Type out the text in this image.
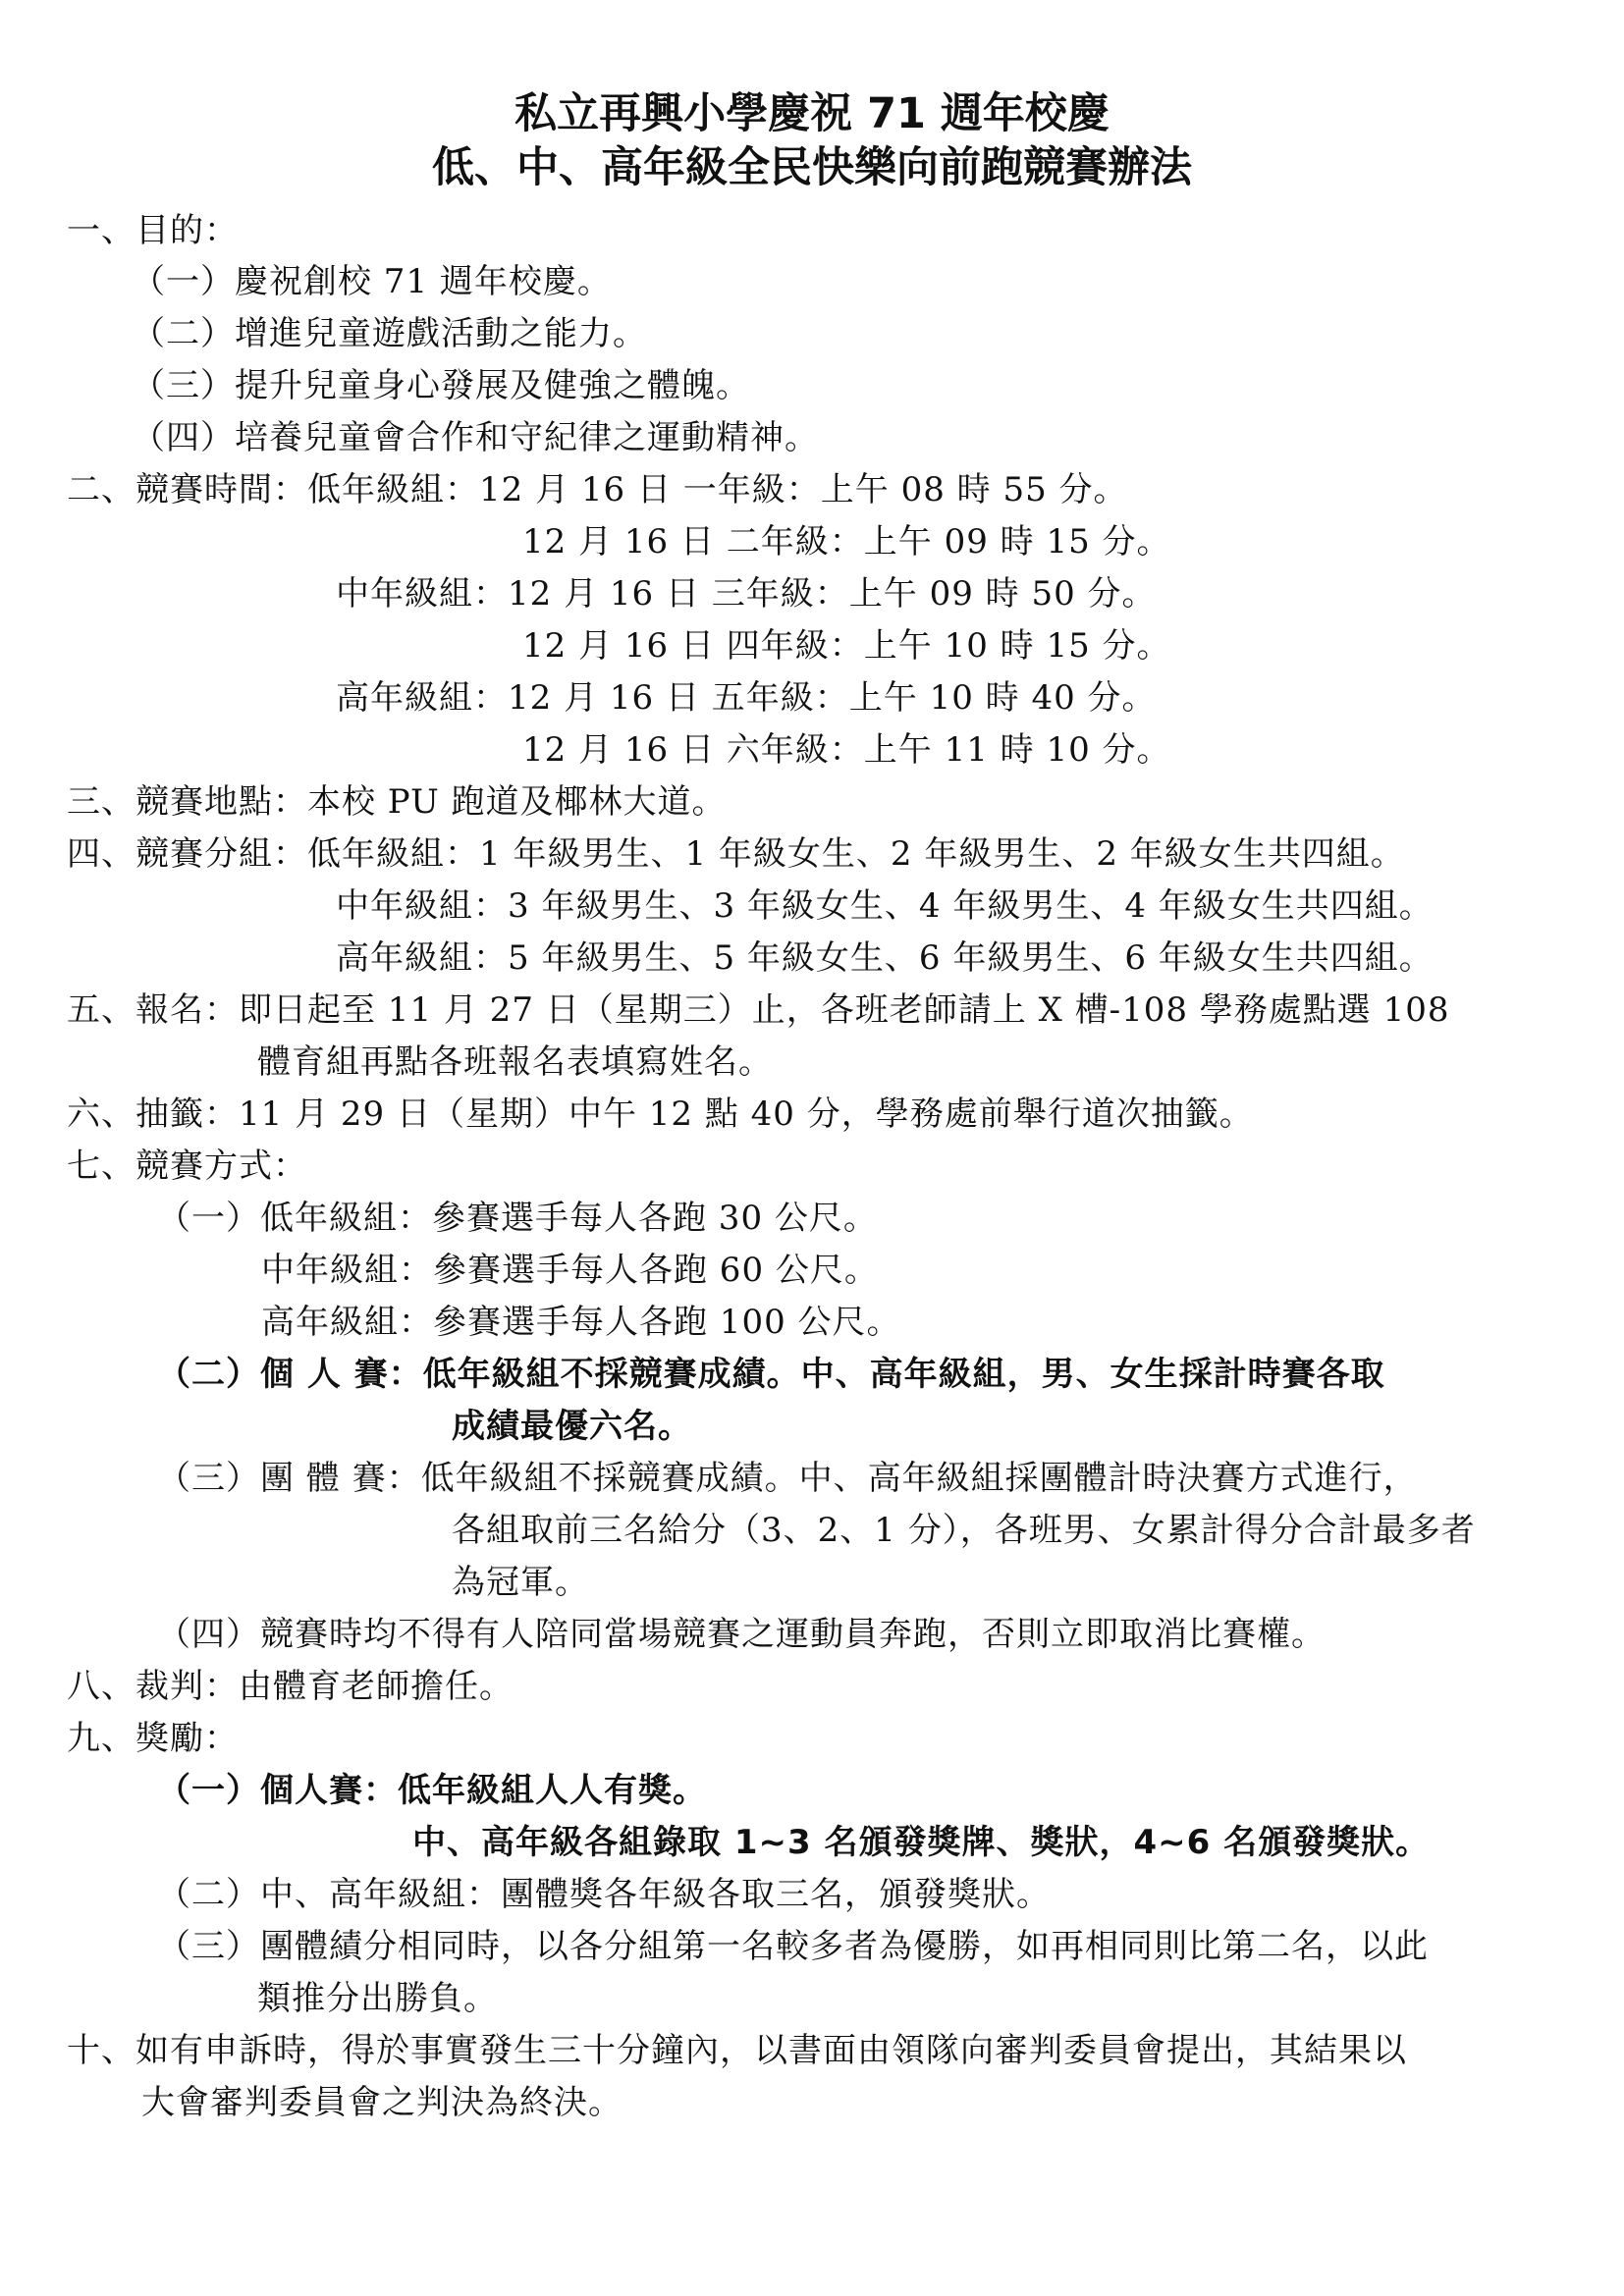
私立再興小學慶祝 71 週年校慶
低、中、高年級全民快樂向前跑競賽辦法
一、目的：
（一）慶祝創校 71 週年校慶。
（二）增進兒童遊戲活動之能力。
（三）提升兒童身心發展及健強之體魄。
（四）培養兒童會合作和守紀律之運動精神。
二、競賽時間：低年級組：12 月 16 日 一年級：上午 08 時 55 分。
12 月 16 日 二年級：上午 09 時 15 分。
中年級組：12 月 16 日 三年級：上午 09 時 50 分。
12 月 16 日 四年級：上午 10 時 15 分。
高年級組：12 月 16 日 五年級：上午 10 時 40 分。
12 月 16 日 六年級：上午 11 時 10 分。
三、競賽地點：本校 PU 跑道及椰林大道。
四、競賽分組：低年級組：1 年級男生、1 年級女生、2 年級男生、2 年級女生共四組。
中年級組：3 年級男生、3 年級女生、4 年級男生、4 年級女生共四組。
高年級組：5 年級男生、5 年級女生、6 年級男生、6 年級女生共四組。
五、報名：即日起至 11 月 27 日（星期三）止，各班老師請上 X 槽-108 學務處點選 108
體育組再點各班報名表填寫姓名。
六、抽籤：11 月 29 日（星期）中午 12 點 40 分，學務處前舉行道次抽籤。
七、競賽方式：
（一）低年級組：參賽選手每人各跑 30 公尺。
中年級組：參賽選手每人各跑 60 公尺。
高年級組：參賽選手每人各跑 100 公尺。
（二）個 人 賽：低年級組不採競賽成績。中、高年級組，男、女生採計時賽各取
成績最優六名。
（三）團 體 賽：低年級組不採競賽成績。中、高年級組採團體計時決賽方式進行，
各組取前三名給分（3、2、1 分），各班男、女累計得分合計最多者
為冠軍。
（四）競賽時均不得有人陪同當場競賽之運動員奔跑，否則立即取消比賽權。
八、裁判：由體育老師擔任。
九、獎勵：
（一）個人賽：低年級組人人有獎。
中、高年級各組錄取 1~3 名頒發獎牌、獎狀，4~6 名頒發獎狀。
（二）中、高年級組：團體獎各年級各取三名，頒發獎狀。
（三）團體績分相同時，以各分組第一名較多者為優勝，如再相同則比第二名，以此
類推分出勝負。
十、如有申訴時，得於事實發生三十分鐘內，以書面由領隊向審判委員會提出，其結果以
大會審判委員會之判決為終決。
